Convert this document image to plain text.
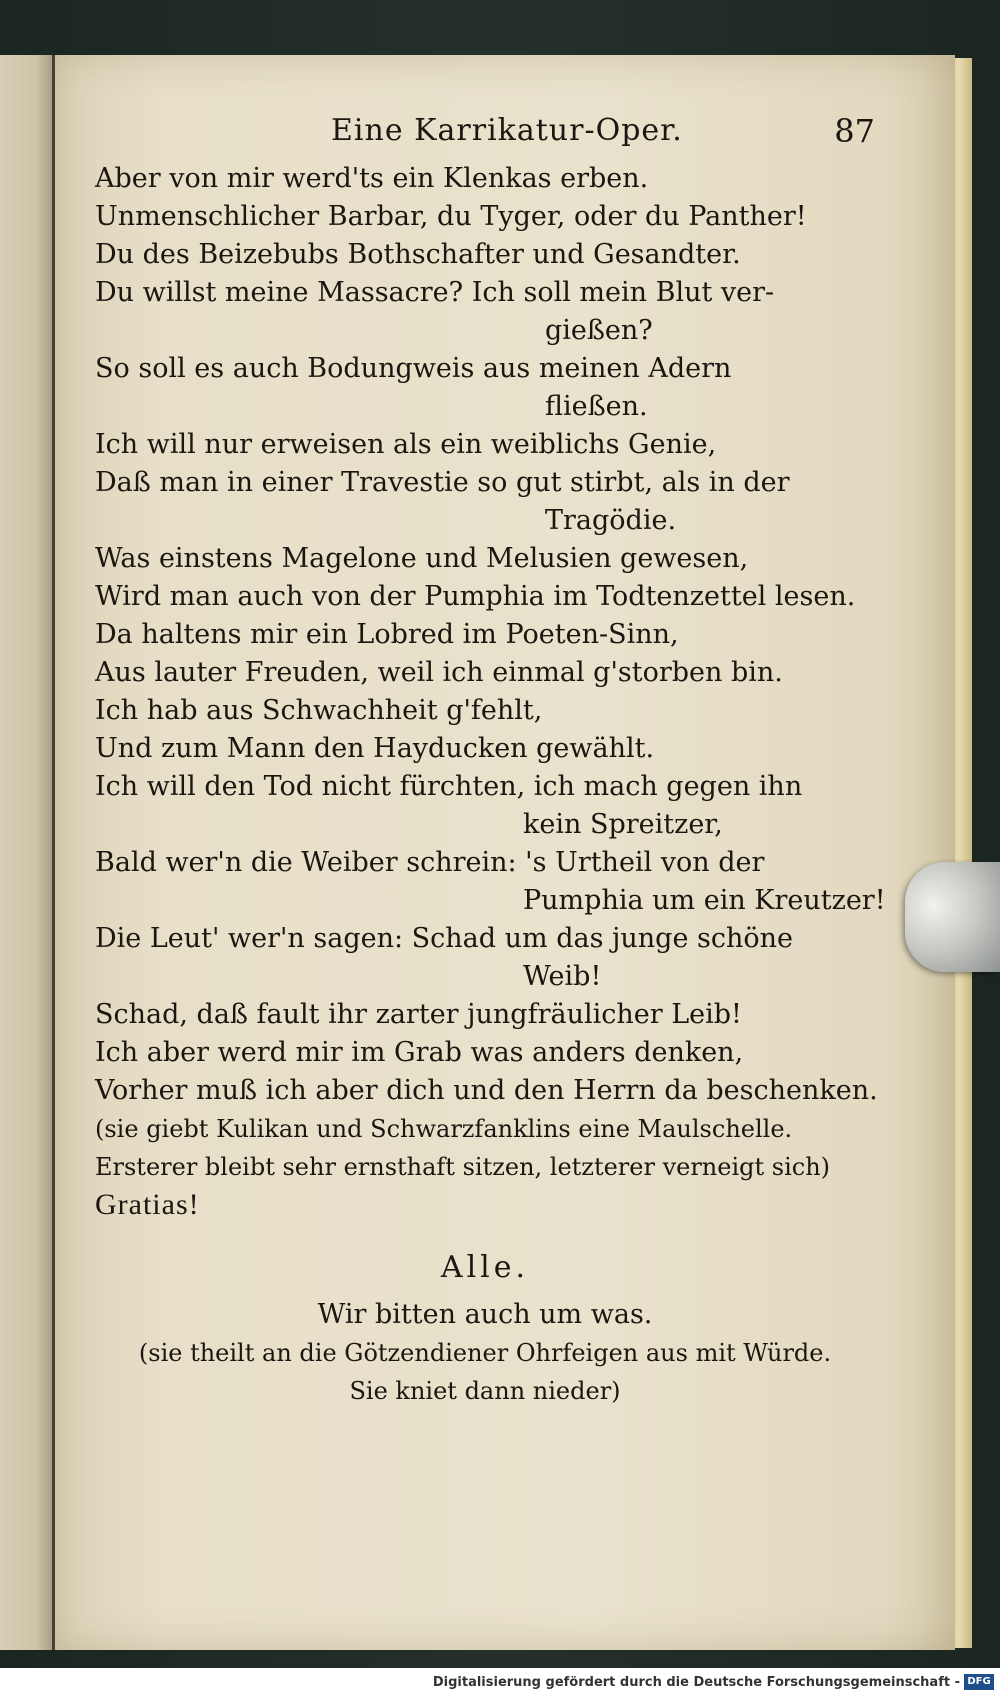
Eine Karrikatur-Oper.	87
Aber von mir werd'ts ein Klenkas erben.
Unmenschlicher Barbar, du Tyger, oder du Panther!
Du des Beizebubs Bothschafter und Gesandter.
Du willst meine Massacre? Ich soll mein Blut ver-
gießen?
So soll es auch Bodungweis aus meinen Adern
fließen.
Ich will nur erweisen als ein weiblichs Genie,
Daß man in einer Travestie so gut stirbt, als in der
Tragödie.
Was einstens Magelone und Melusien gewesen,
Wird man auch von der Pumphia im Todtenzettel lesen.
Da haltens mir ein Lobred im Poeten-Sinn,
Aus lauter Freuden, weil ich einmal g'storben bin.
Ich hab aus Schwachheit g'fehlt,
Und zum Mann den Hayducken gewählt.
Ich will den Tod nicht fürchten, ich mach gegen ihn
kein Spreitzer,
Bald wer'n die Weiber schrein: 's Urtheil von der
Pumphia um ein Kreutzer!
Die Leut' wer'n sagen: Schad um das junge schöne
Weib!
Schad, daß fault ihr zarter jungfräulicher Leib!
Ich aber werd mir im Grab was anders denken,
Vorher muß ich aber dich und den Herrn da beschenken.
(sie giebt Kulikan und Schwarzfanklins eine Maulschelle.
Ersterer bleibt sehr ernsthaft sitzen, letzterer verneigt sich)
Gratias!
Alle.
Wir bitten auch um was.
(sie theilt an die Götzendiener Ohrfeigen aus mit Würde.
Sie kniet dann nieder)
Digitalisierung gefördert durch die Deutsche Forschungsgemeinschaft - DFG
